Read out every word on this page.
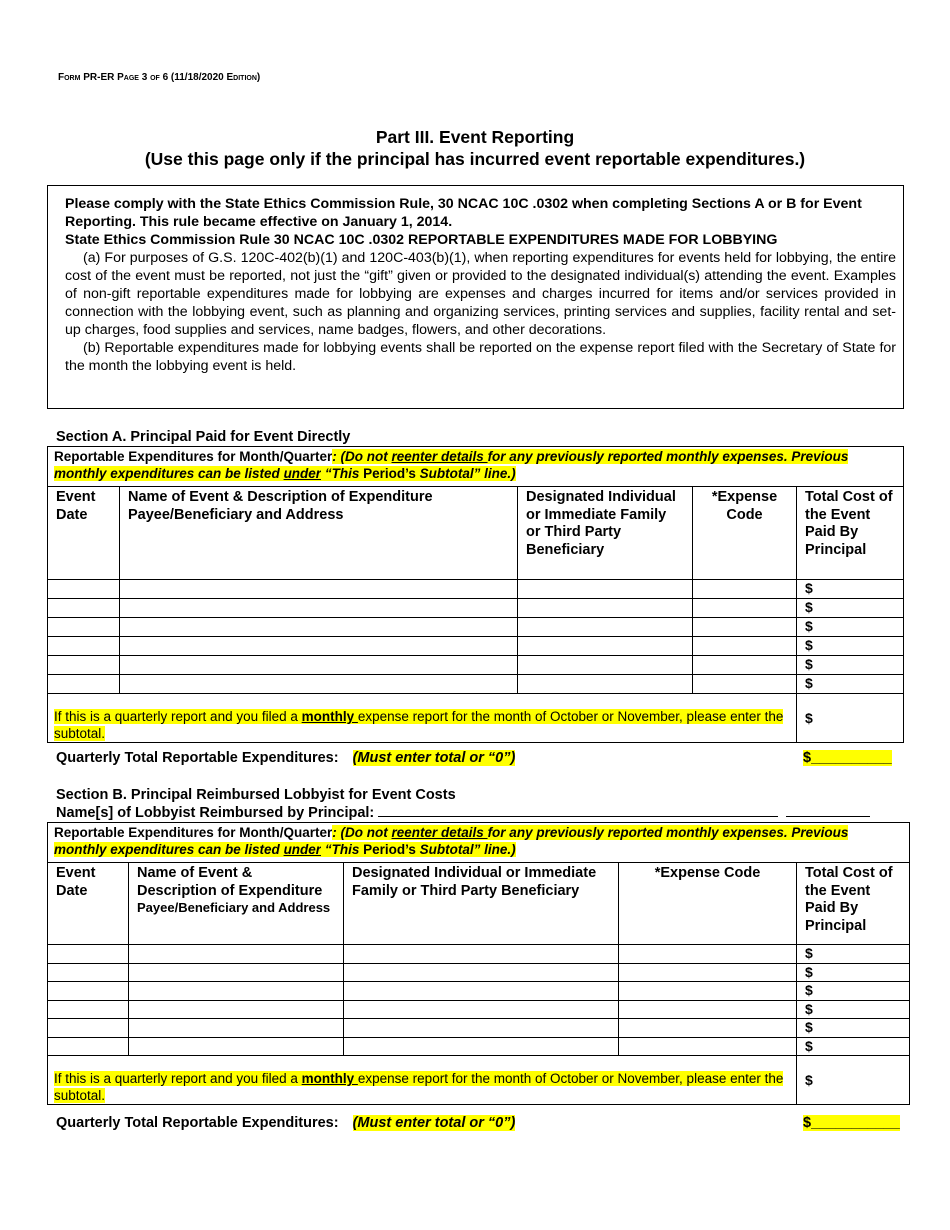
Form PR-ER Page 3 of 6 (11/18/2020 Edition)
Part III. Event Reporting
(Use this page only if the principal has incurred event reportable expenditures.)

Please comply with the State Ethics Commission Rule, 30 NCAC 10C .0302 when completing Sections A or B for Event Reporting. This rule became effective on January 1, 2014.

State Ethics Commission Rule 30 NCAC 10C .0302 REPORTABLE EXPENDITURES MADE FOR LOBBYING

(a) For purposes of G.S. 120C-402(b)(1) and 120C-403(b)(1), when reporting expenditures for events held for lobbying, the entire cost of the event must be reported, not just the “gift” given or provided to the designated individual(s) attending the event. Examples of non-gift reportable expenditures made for lobbying are expenses and charges incurred for items and/or services provided in connection with the lobbying event, such as planning and organizing services, printing services and supplies, facility rental and set-up charges, food supplies and services, name badges, flowers, and other decorations.

(b) Reportable expenditures made for lobbying events shall be reported on the expense report filed with the Secretary of State for the month the lobbying event is held.

Section A. Principal Paid for Event Directly
Reportable Expenditures for Month/Quarter: (Do not reenter details for any previously reported monthly expenses. Previous monthly expenditures can be listed under “This Period’s Subtotal” line.)				
Event Date	Name of Event & Description of Expenditure Payee/Beneficiary and Address	Designated Individual or Immediate Family or Third Party Beneficiary	*Expense Code	Total Cost of the Event Paid By Principal
				$
				$
				$
				$
				$
				$
If this is a quarterly report and you filed a monthly expense report for the month of October or November, please enter the subtotal.				$
Quarterly Total Reportable Expenditures: (Must enter total or “0”)	$__________
Section B. Principal Reimbursed Lobbyist for Event Costs
Name[s] of Lobbyist Reimbursed by Principal:
Reportable Expenditures for Month/Quarter: (Do not reenter details for any previously reported monthly expenses. Previous monthly expenditures can be listed under “This Period’s Subtotal” line.)				
Event Date	Name of Event & Description of Expenditure
Payee/Beneficiary and Address	Designated Individual or Immediate Family or Third Party Beneficiary	*Expense Code	Total Cost of the Event Paid By Principal
				$
				$
				$
				$
				$
				$
If this is a quarterly report and you filed a monthly expense report for the month of October or November, please enter the subtotal.				$
Quarterly Total Reportable Expenditures: (Must enter total or “0”)	$___________
